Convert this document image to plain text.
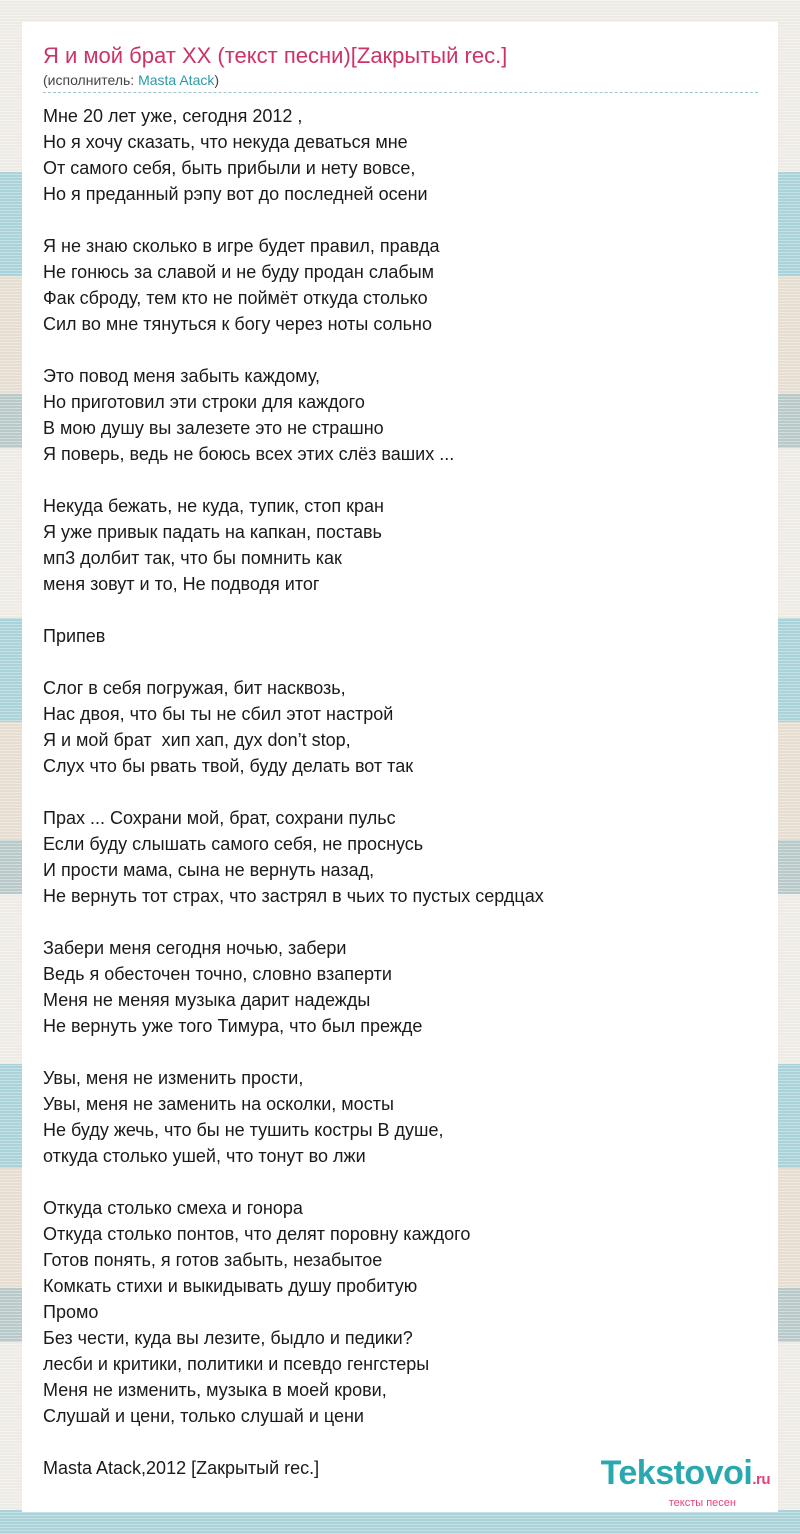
Я и мой брат XX (текст песни)[Zакрытый rec.]
(исполнитель: Masta Atack)
Мне 20 лет уже, сегодня 2012 ,
Но я хочу сказать, что некуда деваться мне
От самого себя, быть прибыли и нету вовсе,
Но я преданный рэпу вот до последней осени
Я не знаю сколько в игре будет правил, правда
Не гонюсь за славой и не буду продан слабым
Фак сброду, тем кто не поймёт откуда столько
Сил во мне тянуться к богу через ноты сольно
Это повод меня забыть каждому,
Но приготовил эти строки для каждого
В мою душу вы залезете это не страшно
Я поверь, ведь не боюсь всех этих слёз ваших ...
Некуда бежать, не куда, тупик, стоп кран
Я уже привык падать на капкан, поставь
мп3 долбит так, что бы помнить как
меня зовут и то, Не подводя итог
Припев
Слог в себя погружая, бит насквозь,
Нас двоя, что бы ты не сбил этот настрой
Я и мой брат  хип хап, дух don’t stop,
Слух что бы рвать твой, буду делать вот так
Прах ... Сохрани мой, брат, сохрани пульс
Если буду слышать самого себя, не проснусь
И прости мама, сына не вернуть назад,
Не вернуть тот страх, что застрял в чьих то пустых сердцах
Забери меня сегодня ночью, забери
Ведь я обесточен точно, словно взаперти
Меня не меняя музыка дарит надежды
Не вернуть уже того Тимура, что был прежде
Увы, меня не изменить прости,
Увы, меня не заменить на осколки, мосты
Не буду жечь, что бы не тушить костры В душе,
откуда столько ушей, что тонут во лжи
Откуда столько смеха и гонора
Откуда столько понтов, что делят поровну каждого
Готов понять, я готов забыть, незабытое
Комкать стихи и выкидывать душу пробитую
Промо
Без чести, куда вы лезите, быдло и педики?
лесби и критики, политики и псевдо генгстеры
Меня не изменить, музыка в моей крови,
Слушай и цени, только слушай и цени
Masta Atack,2012 [Zакрытый rec.]	Tekstovoi.ru
тексты песен
